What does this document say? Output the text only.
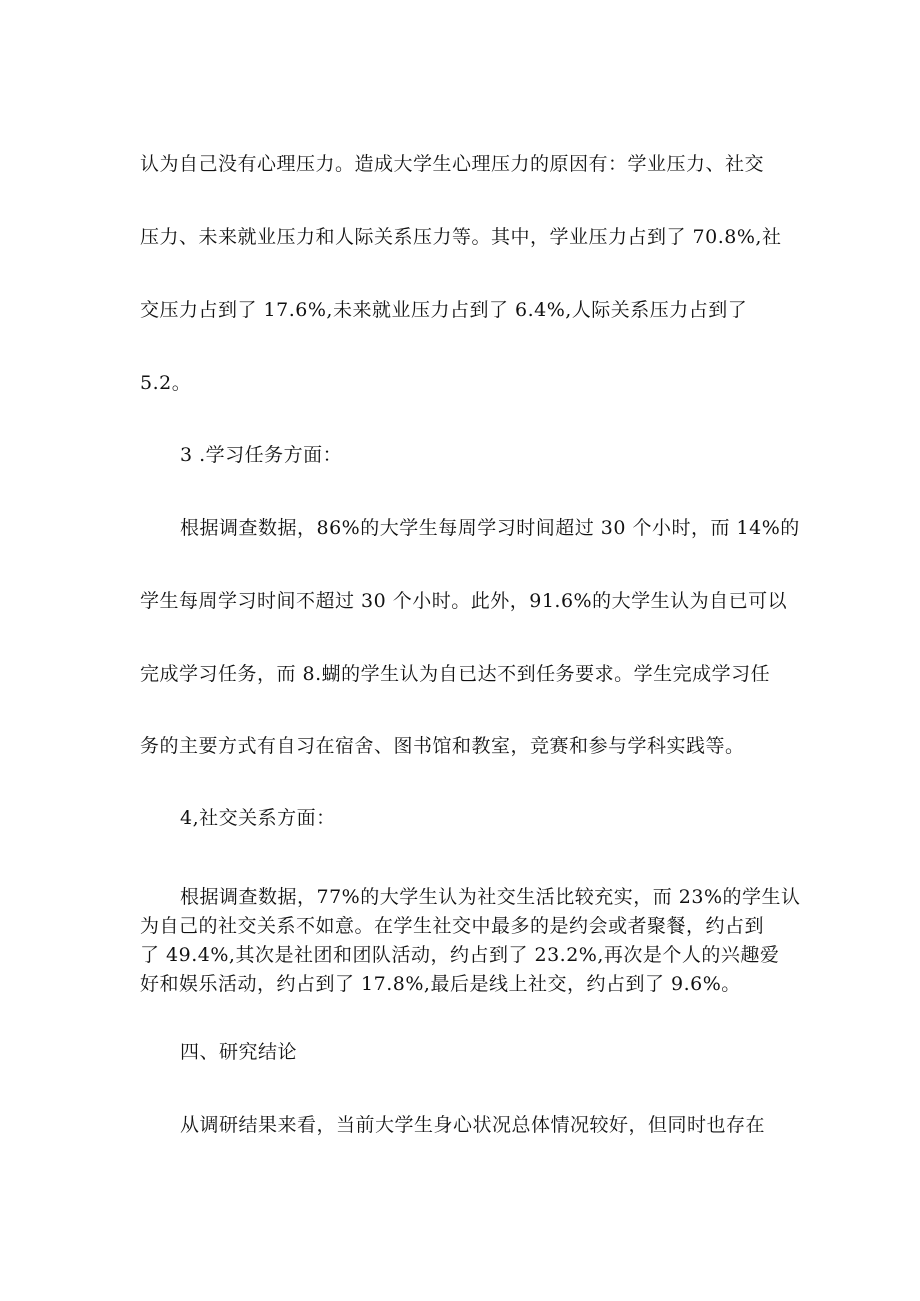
认为自己没有心理压力。造成大学生心理压力的原因有：学业压力、社交
压力、未来就业压力和人际关系压力等。其中，学业压力占到了 70.8%,社
交压力占到了 17.6%,未来就业压力占到了 6.4%,人际关系压力占到了
5.2。
3 .学习任务方面：
根据调查数据，86%的大学生每周学习时间超过 30 个小时，而 14%的
学生每周学习时间不超过 30 个小时。此外，91.6%的大学生认为自已可以
完成学习任务，而 8.蝴的学生认为自已达不到任务要求。学生完成学习任
务的主要方式有自习在宿舍、图书馆和教室，竞赛和参与学科实践等。
4,社交关系方面：

根据调查数据，77%的大学生认为社交生活比较充实，而 23%的学生认

为自己的社交关系不如意。在学生社交中最多的是约会或者聚餐，约占到

了 49.4%,其次是社团和团队活动，约占到了 23.2%,再次是个人的兴趣爱

好和娱乐活动，约占到了 17.8%,最后是线上社交，约占到了 9.6%。

四、研究结论
从调研结果来看，当前大学生身心状况总体情况较好，但同时也存在
